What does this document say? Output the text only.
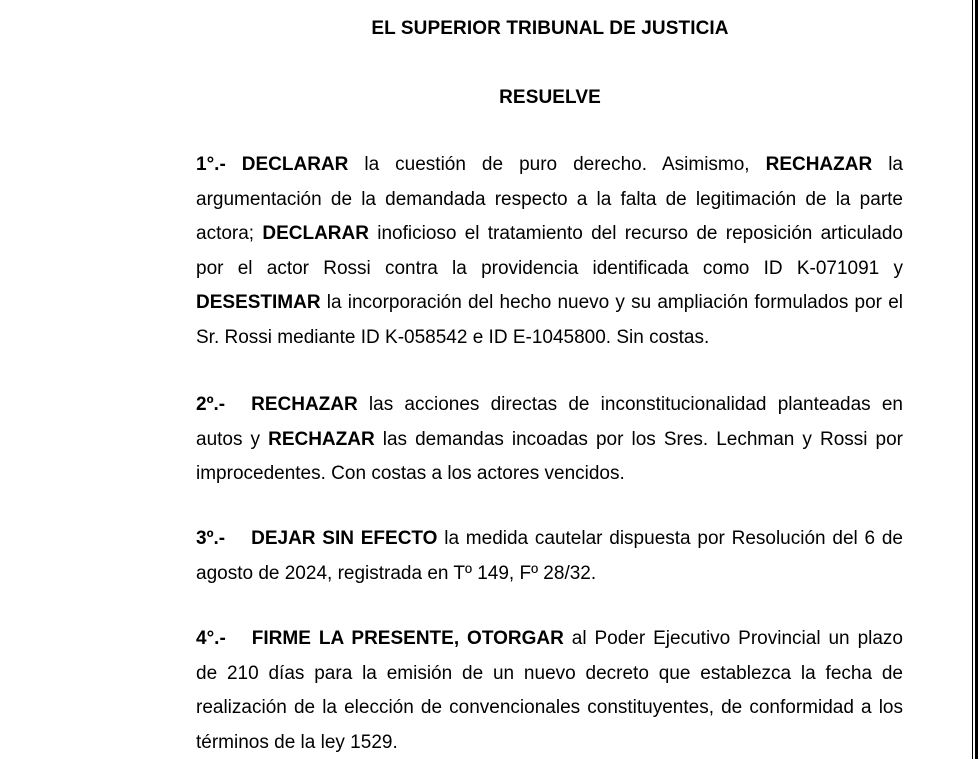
EL SUPERIOR TRIBUNAL DE JUSTICIA
RESUELVE
1°.- DECLARAR la cuestión de puro derecho. Asimismo, RECHAZAR la argumentación de la demandada respecto a la falta de legitimación de la parte actora; DECLARAR inoficioso el tratamiento del recurso de reposición articulado por el actor Rossi contra la providencia identificada como ID K-071091 y DESESTIMAR la incorporación del hecho nuevo y su ampliación formulados por el Sr. Rossi mediante ID K-058542 e ID E-1045800. Sin costas.
2º.- RECHAZAR las acciones directas de inconstitucionalidad planteadas en autos y RECHAZAR las demandas incoadas por los Sres. Lechman y Rossi por improcedentes. Con costas a los actores vencidos.
3º.- DEJAR SIN EFECTO la medida cautelar dispuesta por Resolución del 6 de agosto de 2024, registrada en Tº 149, Fº 28/32.
4°.- FIRME LA PRESENTE, OTORGAR al Poder Ejecutivo Provincial un plazo de 210 días para la emisión de un nuevo decreto que establezca la fecha de realización de la elección de convencionales constituyentes, de conformidad a los términos de la ley 1529.
